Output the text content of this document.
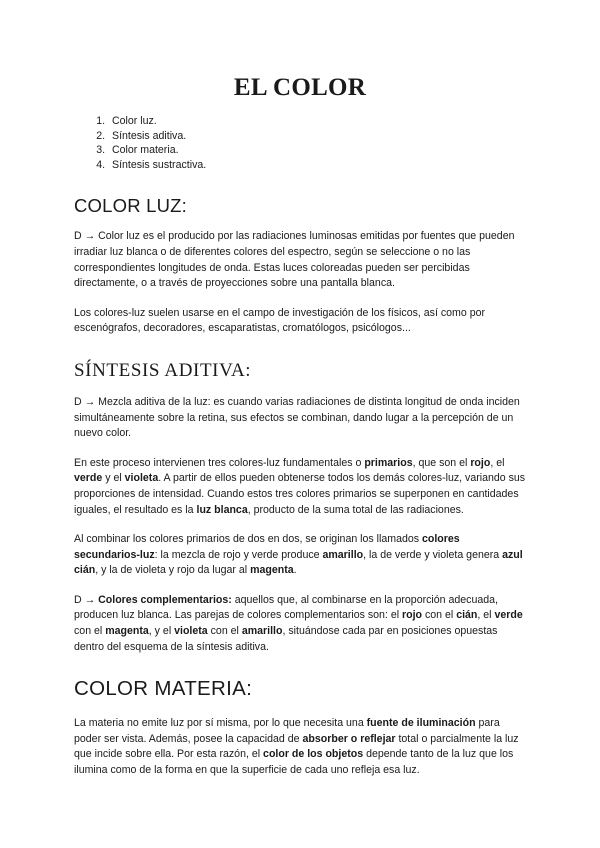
EL COLOR
1. Color luz.
2. Síntesis aditiva.
3. Color materia.
4. Síntesis sustractiva.
COLOR LUZ:

D → Color luz es el producido por las radiaciones luminosas emitidas por fuentes que pueden irradiar luz blanca o de diferentes colores del espectro, según se seleccione o no las correspondientes longitudes de onda. Estas luces coloreadas pueden ser percibidas directamente, o a través de proyecciones sobre una pantalla blanca.

Los colores-luz suelen usarse en el campo de investigación de los físicos, así como por escenógrafos, decoradores, escaparatistas, cromatólogos, psicólogos...

SÍNTESIS ADITIVA:

D → Mezcla aditiva de la luz: es cuando varias radiaciones de distinta longitud de onda inciden simultáneamente sobre la retina, sus efectos se combinan, dando lugar a la percepción de un nuevo color.

En este proceso intervienen tres colores-luz fundamentales o primarios, que son el rojo, el verde y el violeta. A partir de ellos pueden obtenerse todos los demás colores-luz, variando sus proporciones de intensidad. Cuando estos tres colores primarios se superponen en cantidades iguales, el resultado es la luz blanca, producto de la suma total de las radiaciones.

Al combinar los colores primarios de dos en dos, se originan los llamados colores secundarios-luz: la mezcla de rojo y verde produce amarillo, la de verde y violeta genera azul cián, y la de violeta y rojo da lugar al magenta.

D → Colores complementarios: aquellos que, al combinarse en la proporción adecuada, producen luz blanca. Las parejas de colores complementarios son: el rojo con el cián, el verde con el magenta, y el violeta con el amarillo, situándose cada par en posiciones opuestas dentro del esquema de la síntesis aditiva.

COLOR MATERIA:

La materia no emite luz por sí misma, por lo que necesita una fuente de iluminación para poder ser vista. Además, posee la capacidad de absorber o reflejar total o parcialmente la luz que incide sobre ella. Por esta razón, el color de los objetos depende tanto de la luz que los ilumina como de la forma en que la superficie de cada uno refleja esa luz.
